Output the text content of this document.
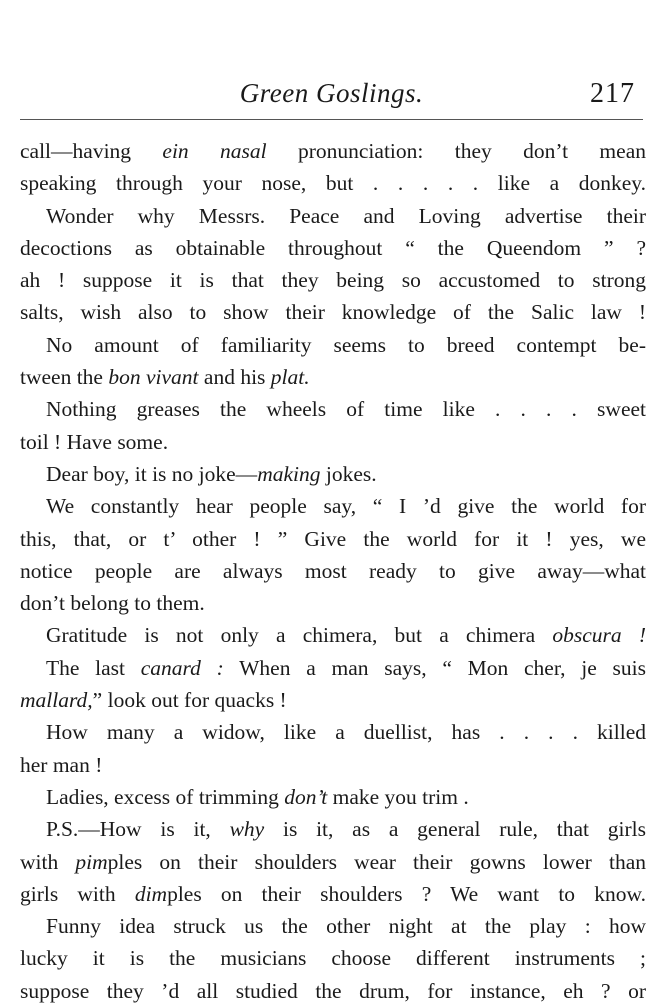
Green Goslings.	217
call—having ein nasal pronunciation: they don’t mean
speaking through your nose, but . . . . . like a donkey.
Wonder why Messrs. Peace and Loving advertise their
decoctions as obtainable throughout “ the Queendom ” ?
ah ! suppose it is that they being so accustomed to strong
salts, wish also to show their knowledge of the Salic law !
No amount of familiarity seems to breed contempt be-
tween the bon vivant and his plat.
Nothing greases the wheels of time like . . . . sweet
toil ! Have some.
Dear boy, it is no joke—making jokes.
We constantly hear people say, “ I ’d give the world for
this, that, or t’ other ! ” Give the world for it ! yes, we
notice people are always most ready to give away—what
don’t belong to them.
Gratitude is not only a chimera, but a chimera obscura !
The last canard : When a man says, “ Mon cher, je suis
mallard,” look out for quacks !
How many a widow, like a duellist, has . . . . killed
her man !
Ladies, excess of trimming don’t make you trim .
P.S.—How is it, why is it, as a general rule, that girls
with pimples on their shoulders wear their gowns lower than
girls with dimples on their shoulders ? We want to know.
Funny idea struck us the other night at the play : how
lucky it is the musicians choose different instruments ;
suppose they ’d all studied the drum, for instance, eh ? or
